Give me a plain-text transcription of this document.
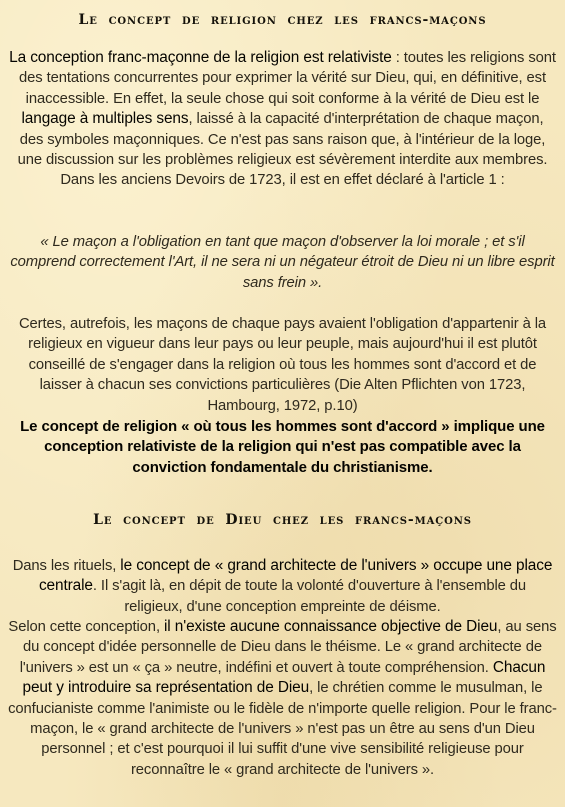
Le concept de religion chez les francs-maçons

La conception franc-maçonne de la religion est relativiste : toutes les religions sont des tentations concurrentes pour exprimer la vérité sur Dieu, qui, en définitive, est inaccessible. En effet, la seule chose qui soit conforme à la vérité de Dieu est le langage à multiples sens, laissé à la capacité d'interprétation de chaque maçon, des symboles maçonniques. Ce n'est pas sans raison que, à l'intérieur de la loge, une discussion sur les problèmes religieux est sévèrement interdite aux membres. Dans les anciens Devoirs de 1723, il est en effet déclaré à l'article 1 :

« Le maçon a l'obligation en tant que maçon d'observer la loi morale ; et s'il comprend correctement l'Art, il ne sera ni un négateur étroit de Dieu ni un libre esprit sans frein ».

Certes, autrefois, les maçons de chaque pays avaient l'obligation d'appartenir à la religieux en vigueur dans leur pays ou leur peuple, mais aujourd'hui il est plutôt conseillé de s'engager dans la religion où tous les hommes sont d'accord et de laisser à chacun ses convictions particulières (Die Alten Pflichten von 1723, Hambourg, 1972, p.10)

Le concept de religion « où tous les hommes sont d'accord » implique une conception relativiste de la religion qui n'est pas compatible avec la conviction fondamentale du christianisme.

Le concept de Dieu chez les francs-maçons

Dans les rituels, le concept de « grand architecte de l'univers » occupe une place centrale. Il s'agit là, en dépit de toute la volonté d'ouverture à l'ensemble du religieux, d'une conception empreinte de déisme.

Selon cette conception, il n'existe aucune connaissance objective de Dieu, au sens du concept d'idée personnelle de Dieu dans le théisme. Le « grand architecte de l'univers » est un « ça » neutre, indéfini et ouvert à toute compréhension. Chacun peut y introduire sa représentation de Dieu, le chrétien comme le musulman, le confucianiste comme l'animiste ou le fidèle de n'importe quelle religion. Pour le franc-maçon, le « grand architecte de l'univers » n'est pas un être au sens d'un Dieu personnel ; et c'est pourquoi il lui suffit d'une vive sensibilité religieuse pour reconnaître le « grand architecte de l'univers ».
